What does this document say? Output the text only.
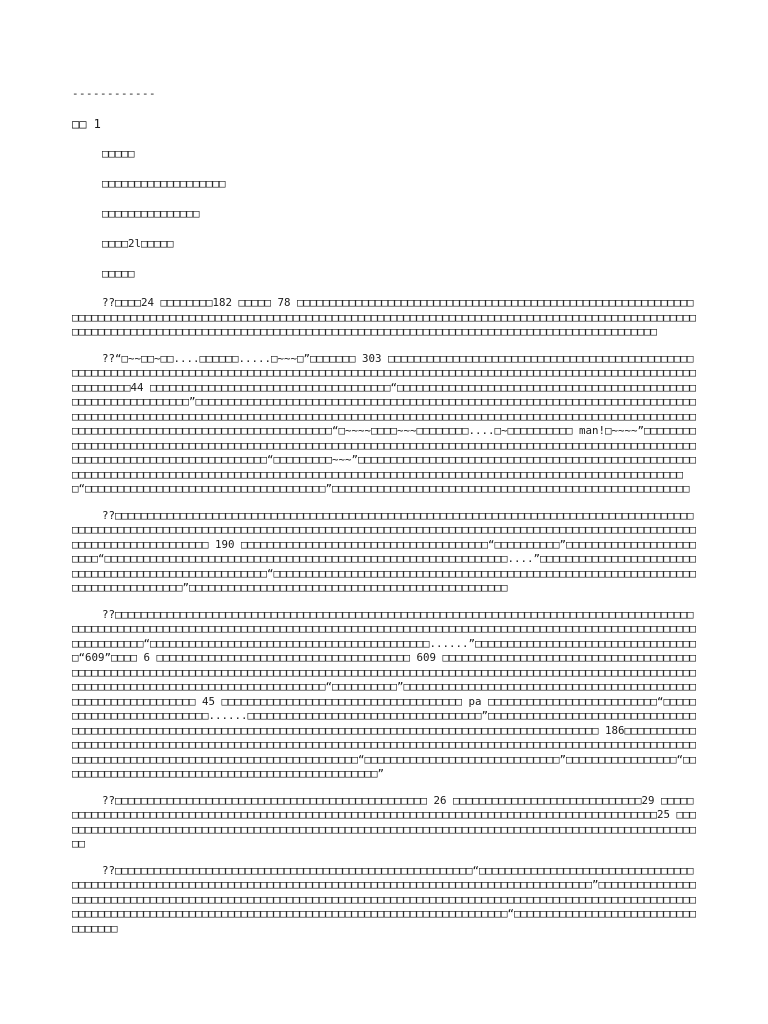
------------
□□ 1
□□□□□
□□□□□□□□□□□□□□□□□□□
□□□□□□□□□□□□□□□
□□□□2l□□□□□
□□□□□

??□□□□24 □□□□□□□□182 □□□□□ 78 □□□□□□□□□□□□□□□□□□□□□□□□□□□□□□□□□□□□□□□□□□□□□□□□□□□□□□□□□□□□□□□□□□□□□□□□□□□□□□□□□□□□□□□□□□□□□□□□□□□□□□□□□□□□□□□□□□□□□□□□□□□□□□□□□□□□□□□□□□□□□□□□□□□□□□□□□□□□□□□□□□□□□□□□□□□□□□□□□□□□□□□□□□□□□□□□□□□□□□□□□□□□□□□□□□□□□□□□□□□□□□□□□□□□□□□□□□□□□□□□□□□□□□□

??“□~~□□~□□....□□□□□□.....□~~~□”□□□□□□□ 303 □□□□□□□□□□□□□□□□□□□□□□□□□□□□□□□□□□□□□□□□□□□□□□□□□□□□□□□□□□□□□□□□□□□□□□□□□□□□□□□□□□□□□□□□□□□□□□□□□□□□□□□□□□□□□□□□□□□□□□□□□□□□□□□□□□□□□□□□□□□□□□□□□□□□□□□□44 □□□□□□□□□□□□□□□□□□□□□□□□□□□□□□□□□□□□□“□□□□□□□□□□□□□□□□□□□□□□□□□□□□□□□□□□□□□□□□□□□□□□□□□□□□□□□□□□□□□□□□”□□□□□□□□□□□□□□□□□□□□□□□□□□□□□□□□□□□□□□□□□□□□□□□□□□□□□□□□□□□□□□□□□□□□□□□□□□□□□□□□□□□□□□□□□□□□□□□□□□□□□□□□□□□□□□□□□□□□□□□□□□□□□□□□□□□□□□□□□□□□□□□□□□□□□□□□□□□□□□□□□□□□□□□□□□□□□□□□□□□□□□□□□□□□□□□□□□□□□□□□□□□□□□□□□□□□□“□~~~~□□□□~~~□□□□□□□□....□~□□□□□□□□□□ man!□~~~~”□□□□□□□□□□□□□□□□□□□□□□□□□□□□□□□□□□□□□□□□□□□□□□□□□□□□□□□□□□□□□□□□□□□□□□□□□□□□□□□□□□□□□□□□□□□□□□□□□□□□□□□□□□□□□□□□□□□□□□□□□□□□□□□□□□□□□□“□□□□□□□□□~~~”□□□□□□□□□□□□□□□□□□□□□□□□□□□□□□□□□□□□□□□□□□□□□□□□□□□□□□□□□□□□□□□□□□□□□□□□□□□□□□□□□□□□□□□□□□□□□□□□□□□□□□□□□□□□□□□□□□□□□□□□□□□□□□□□□□□□□□□□□□□□□□□□□□□“□□□□□□□□□□□□□□□□□□□□□□□□□□□□□□□□□□□□□”□□□□□□□□□□□□□□□□□□□□□□□□□□□□□□□□□□□□□□□□□□□□□□□□□□□□□□□

??□□□□□□□□□□□□□□□□□□□□□□□□□□□□□□□□□□□□□□□□□□□□□□□□□□□□□□□□□□□□□□□□□□□□□□□□□□□□□□□□□□□□□□□□□□□□□□□□□□□□□□□□□□□□□□□□□□□□□□□□□□□□□□□□□□□□□□□□□□□□□□□□□□□□□□□□□□□□□□□□□□□□□□□□□□□□□□□□□□□□□□□□□□□□□□□□□□□□□□□□□□□□□□ 190 □□□□□□□□□□□□□□□□□□□□□□□□□□□□□□□□□□□□□□“□□□□□□□□□□”□□□□□□□□□□□□□□□□□□□□□□□□“□□□□□□□□□□□□□□□□□□□□□□□□□□□□□□□□□□□□□□□□□□□□□□□□□□□□□□□□□□□□□□....”□□□□□□□□□□□□□□□□□□□□□□□□□□□□□□□□□□□□□□□□□□□□□□□□□□□□□□“□□□□□□□□□□□□□□□□□□□□□□□□□□□□□□□□□□□□□□□□□□□□□□□□□□□□□□□□□□□□□□□□□□□□□□□□□□□□□□□□□□”□□□□□□□□□□□□□□□□□□□□□□□□□□□□□□□□□□□□□□□□□□□□□□□□□

??□□□□□□□□□□□□□□□□□□□□□□□□□□□□□□□□□□□□□□□□□□□□□□□□□□□□□□□□□□□□□□□□□□□□□□□□□□□□□□□□□□□□□□□□□□□□□□□□□□□□□□□□□□□□□□□□□□□□□□□□□□□□□□□□□□□□□□□□□□□□□□□□□□□□□□□□□□□□□□□□□□□□□□□□□□□□□□□□□□□□□□□□□□□□□□□□□□□□“□□□□□□□□□□□□□□□□□□□□□□□□□□□□□□□□□□□□□□□□□□□......”□□□□□□□□□□□□□□□□□□□□□□□□□□□□□□□□□□□“609”□□□□ 6 □□□□□□□□□□□□□□□□□□□□□□□□□□□□□□□□□□□□□□□ 609 □□□□□□□□□□□□□□□□□□□□□□□□□□□□□□□□□□□□□□□□□□□□□□□□□□□□□□□□□□□□□□□□□□□□□□□□□□□□□□□□□□□□□□□□□□□□□□□□□□□□□□□□□□□□□□□□□□□□□□□□□□□□□□□□□□□□□□□□□□□□□□□□□□□□□□□□□□□□□□□□□□□□□□□□□□□□□□“□□□□□□□□□□”□□□□□□□□□□□□□□□□□□□□□□□□□□□□□□□□□□□□□□□□□□□□□□□□□□□□□□□□□□□□□□□□ 45 □□□□□□□□□□□□□□□□□□□□□□□□□□□□□□□□□□□□□ pa □□□□□□□□□□□□□□□□□□□□□□□□□□“□□□□□□□□□□□□□□□□□□□□□□□□□□......□□□□□□□□□□□□□□□□□□□□□□□□□□□□□□□□□□□□”□□□□□□□□□□□□□□□□□□□□□□□□□□□□□□□□□□□□□□□□□□□□□□□□□□□□□□□□□□□□□□□□□□□□□□□□□□□□□□□□□□□□□□□□□□□□□□□□□□□□□□□□□□□□□□□□□ 186□□□□□□□□□□□□□□□□□□□□□□□□□□□□□□□□□□□□□□□□□□□□□□□□□□□□□□□□□□□□□□□□□□□□□□□□□□□□□□□□□□□□□□□□□□□□□□□□□□□□□□□□□□□□□□□□□□□□□□□□□□□□□□□□□□□□□□□□□□□□□□□□□□□□□□□“□□□□□□□□□□□□□□□□□□□□□□□□□□□□□□”□□□□□□□□□□□□□□□□□“□□□□□□□□□□□□□□□□□□□□□□□□□□□□□□□□□□□□□□□□□□□□□□□□□”

??□□□□□□□□□□□□□□□□□□□□□□□□□□□□□□□□□□□□□□□□□□□□□□□□ 26 □□□□□□□□□□□□□□□□□□□□□□□□□□□□□29 □□□□□□□□□□□□□□□□□□□□□□□□□□□□□□□□□□□□□□□□□□□□□□□□□□□□□□□□□□□□□□□□□□□□□□□□□□□□□□□□□□□□□□□□□□□□□□□25 □□□□□□□□□□□□□□□□□□□□□□□□□□□□□□□□□□□□□□□□□□□□□□□□□□□□□□□□□□□□□□□□□□□□□□□□□□□□□□□□□□□□□□□□□□□□□□□□□□□□□

??□□□□□□□□□□□□□□□□□□□□□□□□□□□□□□□□□□□□□□□□□□□□□□□□□□□□□□□“□□□□□□□□□□□□□□□□□□□□□□□□□□□□□□□□□□□□□□□□□□□□□□□□□□□□□□□□□□□□□□□□□□□□□□□□□□□□□□□□□□□□□□□□□□□□□□□□□□□□□□□□□□□□□□□□□”□□□□□□□□□□□□□□□□□□□□□□□□□□□□□□□□□□□□□□□□□□□□□□□□□□□□□□□□□□□□□□□□□□□□□□□□□□□□□□□□□□□□□□□□□□□□□□□□□□□□□□□□□□□□□□□□□□□□□□□□□□□□□□□□□□□□□□□□□□□□□□□□□□□□□□□□□□□□□□□□□□□□□□□□□□□□□□□□□□“□□□□□□□□□□□□□□□□□□□□□□□□□□□□□□□□□□□
